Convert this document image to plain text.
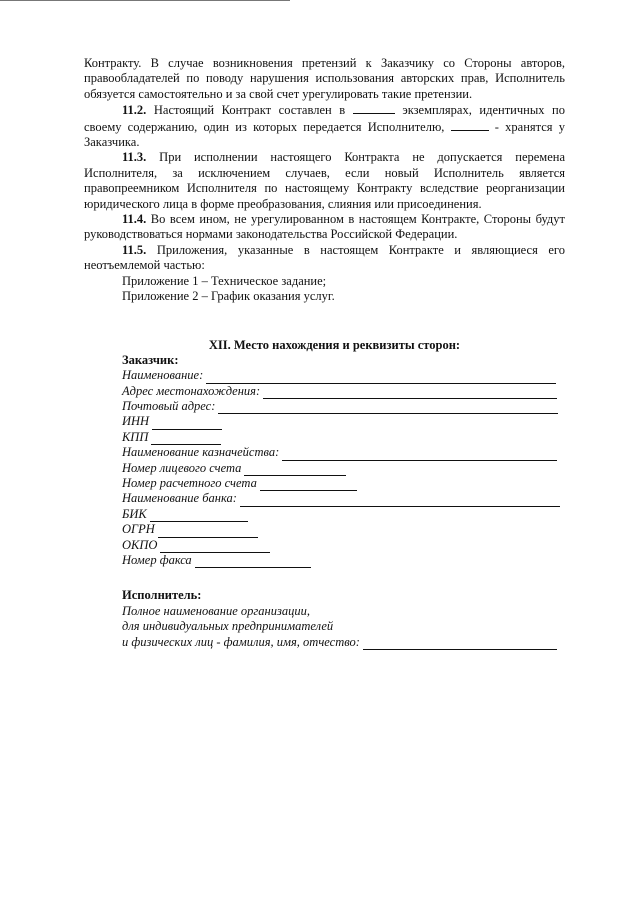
Контракту. В случае возникновения претензий к Заказчику со Стороны авторов, правообладателей по поводу нарушения использования авторских прав, Исполнитель обязуется самостоятельно и за свой счет урегулировать такие претензии.

11.2. Настоящий Контракт составлен в	экземплярах, идентичных по своему содержанию, один из которых передается Исполнителю,	- хранятся у Заказчика.

11.3. При исполнении настоящего Контракта не допускается перемена Исполнителя, за исключением случаев, если новый Исполнитель является правопреемником Исполнителя по настоящему Контракту вследствие реорганизации юридического лица в форме преобразования, слияния или присоединения.

11.4. Во всем ином, не урегулированном в настоящем Контракте, Стороны будут руководствоваться нормами законодательства Российской Федерации.

11.5. Приложения, указанные в настоящем Контракте и являющиеся его неотъемлемой частью:

Приложение 1 – Техническое задание;

Приложение 2 – График оказания услуг.

XII. Место нахождения и реквизиты сторон:
Заказчик:
Наименование:
Адрес местонахождения:
Почтовый адрес:
ИНН
КПП
Наименование казначейства:
Номер лицевого счета
Номер расчетного счета
Наименование банка:
БИК
ОГРН
ОКПО
Номер факса
Исполнитель:
Полное наименование организации,
для индивидуальных предпринимателей
и физических лиц - фамилия, имя, отчество:
